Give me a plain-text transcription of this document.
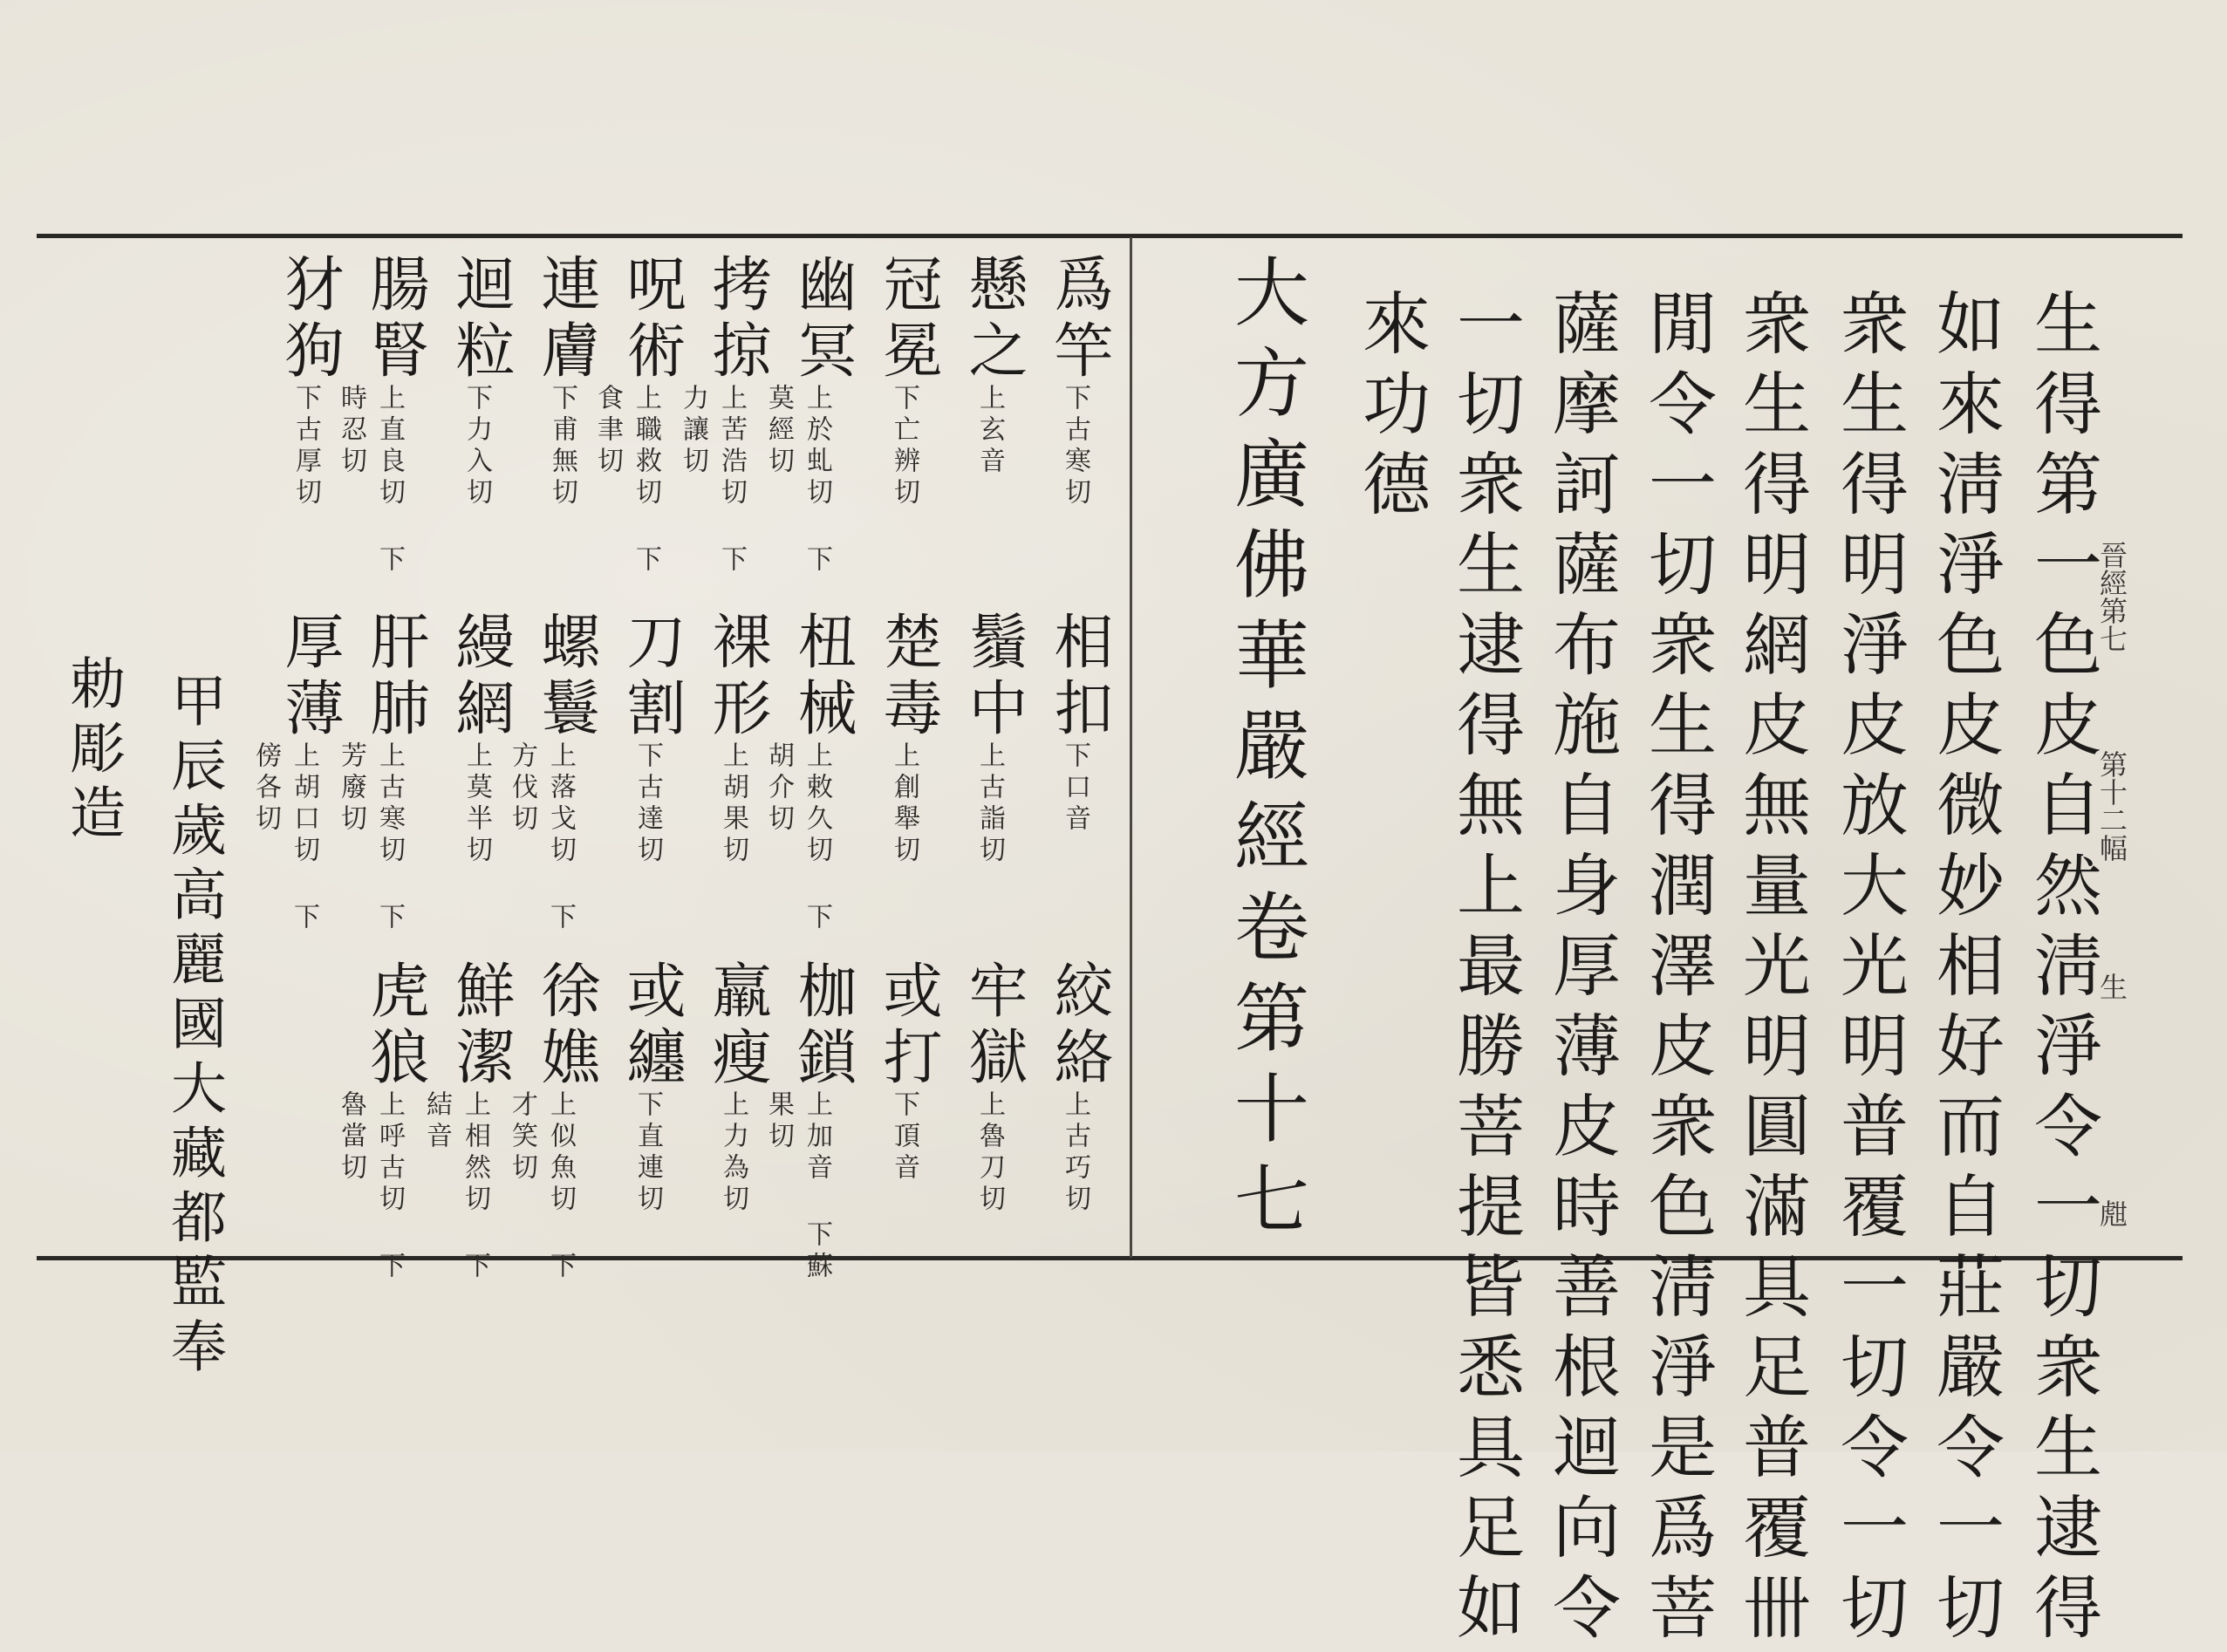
生得第一色皮自然淸淨令一切衆生逮得
如來淸淨色皮微妙相好而自莊嚴令一切
衆生得明淨皮放大光明普覆一切令一切
衆生得明網皮無量光明圓滿具足普覆卌
閒令一切衆生得潤澤皮衆色淸淨是爲菩
薩摩訶薩布施自身厚薄皮時善根迴向令
一切衆生逮得無上最勝菩提皆悉具足如
來功德
晉經第七
第十二幅
生
甝
大方廣佛華嚴經卷第十七
爲竿
下古寒切
相扣
下口音
絞絡
上古巧切
懸之
上玄音
鬚中
上古詣切
牢獄
上魯刀切
冠冕
下亡辨切
楚毒
上創舉切
或打
下頂音
幽冥
上於虬切 下莫經切
杻械
上敕久切 下胡介切
枷鎖
上加音 下蘇果切
拷掠
上苦浩切 下力讓切
裸形
上胡果切
羸瘦
上力為切
呪術
上職救切 下食聿切
刀割
下古達切
或纏
下直連切
連膚
下甫無切
螺鬟
上落戈切 下方伐切
徐嫶
上似魚切 下才笑切
迴粒
下力入切
縵網
上莫半切
鮮潔
上相然切 下結音
腸腎
上直良切 下時忍切
肝肺
上古寒切 下芳廢切
虎狼
上呼古切 下魯當切
犲狗
下古厚切
厚薄
上胡口切 下傍各切
甲辰歲高麗國大藏都監奉
勅彫造
